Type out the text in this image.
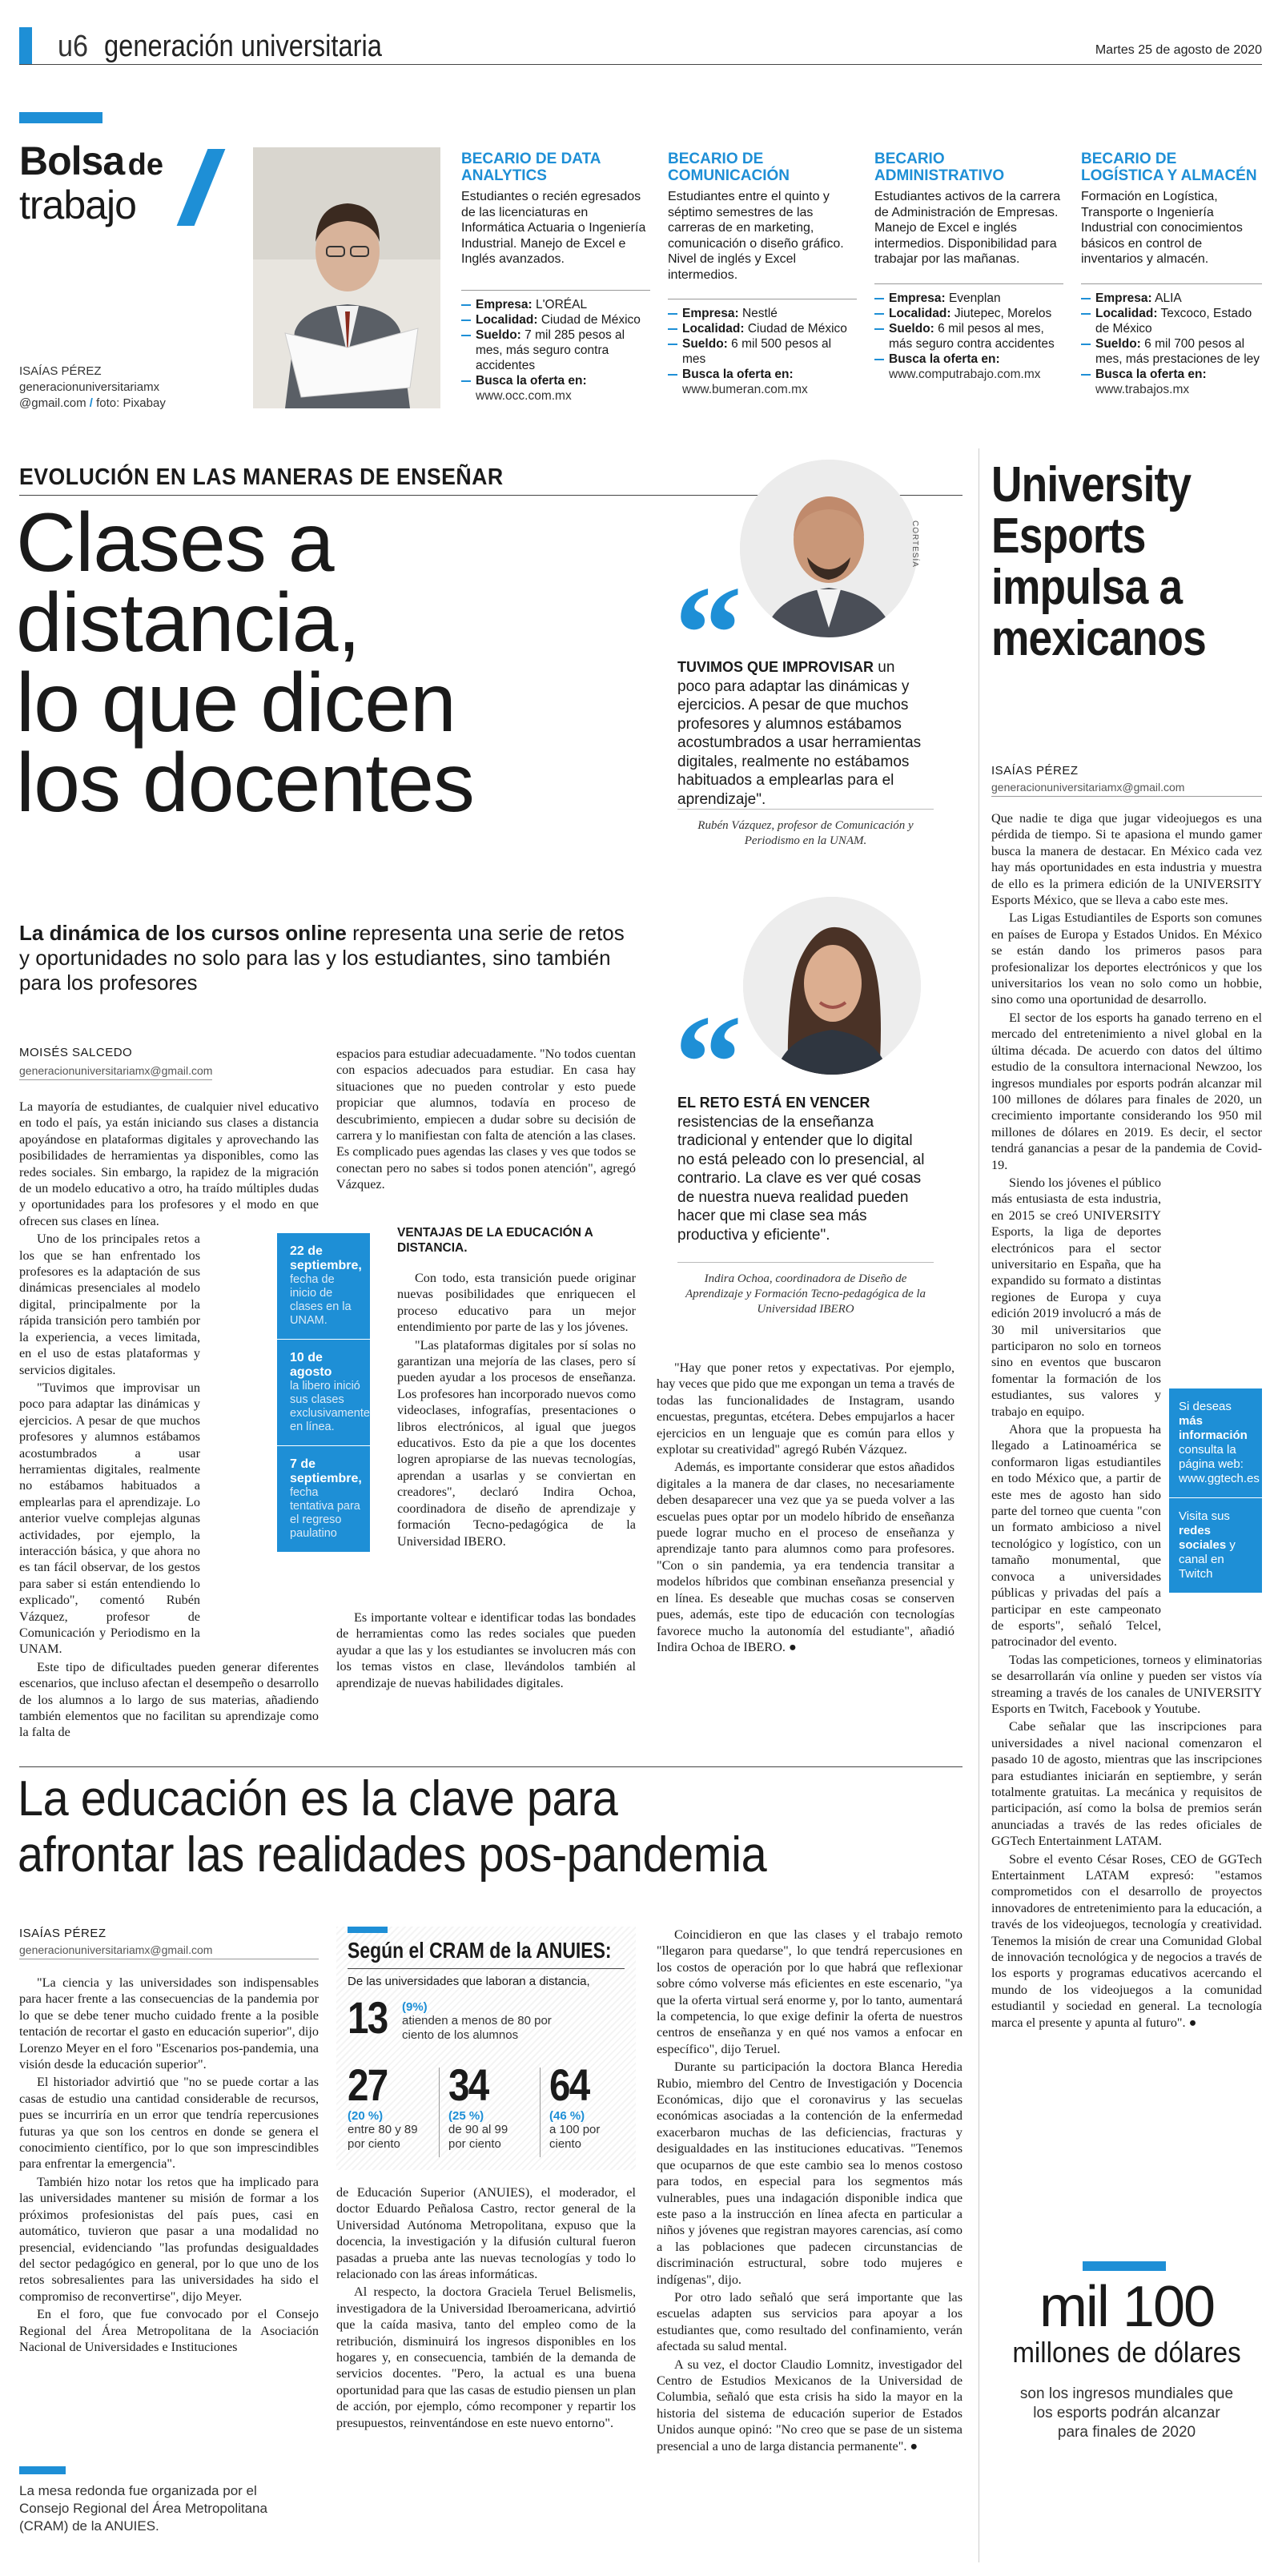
u6 generación universitaria	Martes 25 de agosto de 2020
Bolsa de
trabajo
ISAÍAS PÉREZ
generacionuniversitariamx
@gmail.com / foto: Pixabay
BECARIO DE DATA ANALYTICS
Estudiantes o recién egresados de las licenciaturas en Informática Actuaria o Ingeniería Industrial. Manejo de Excel e Inglés avanzados.
Empresa: L'ORÉAL
Localidad: Ciudad de México
Sueldo: 7 mil 285 pesos al mes, más seguro contra accidentes
Busca la oferta en:
www.occ.com.mx
BECARIO DE COMUNICACIÓN
Estudiantes entre el quinto y séptimo semestres de las carreras de en marketing, comunicación o diseño gráfico. Nivel de inglés y Excel intermedios.
Empresa: Nestlé
Localidad: Ciudad de México
Sueldo: 6 mil 500 pesos al mes
Busca la oferta en:
www.bumeran.com.mx
BECARIO ADMINISTRATIVO
Estudiantes activos de la carrera de Administración de Empresas. Manejo de Excel e inglés intermedios. Disponibilidad para trabajar por las mañanas.
Empresa: Evenplan
Localidad: Jiutepec, Morelos
Sueldo: 6 mil pesos al mes, más seguro contra accidentes
Busca la oferta en:
www.computrabajo.com.mx
BECARIO DE LOGÍSTICA Y ALMACÉN
Formación en Logística, Transporte o Ingeniería Industrial con conocimientos básicos en control de inventarios y almacén.
Empresa: ALIA
Localidad: Texcoco, Estado de México
Sueldo: 6 mil 700 pesos al mes, más prestaciones de ley
Busca la oferta en:
www.trabajos.mx
EVOLUCIÓN EN LAS MANERAS DE ENSEÑAR
Clases a
distancia,
lo que dicen
los docentes
La dinámica de los cursos online representa una serie de retos y oportunidades no solo para las y los estudiantes, sino también para los profesores
MOISÉS SALCEDO
generacionuniversitariamx@gmail.com

La mayoría de estudiantes, de cualquier nivel educativo en todo el país, ya están iniciando sus clases a distancia apoyándose en plataformas digitales y aprovechando las posibilidades de herramientas ya disponibles, como las redes sociales. Sin embargo, la rapidez de la migración de un modelo educativo a otro, ha traído múltiples dudas y oportunidades para los profesores y el modo en que ofrecen sus clases en línea.

Uno de los principales retos a los que se han enfrentado los profesores es la adaptación de sus dinámicas presenciales al modelo digital, principalmente por la rápida transición pero también por la experiencia, a veces limitada, en el uso de estas plataformas y servicios digitales.

"Tuvimos que improvisar un poco para adaptar las dinámicas y ejercicios. A pesar de que muchos profesores y alumnos estábamos acostumbrados a usar herramientas digitales, realmente no estábamos habituados a emplearlas para el aprendizaje. Lo anterior vuelve complejas algunas actividades, por ejemplo, la interacción básica, y que ahora no es tan fácil observar, de los gestos para saber si están entendiendo lo explicado", comentó Rubén Vázquez, profesor de Comunicación y Periodismo en la UNAM.

Este tipo de dificultades pueden generar diferentes escenarios, que incluso afectan el desempeño o desarrollo de los alumnos a lo largo de sus materias, añadiendo también elementos que no facilitan su aprendizaje como la falta de

22 de septiembre,
fecha de inicio de clases en la UNAM.
10 de agosto
la libero inició sus clases exclusivamente en línea.
7 de septiembre,
fecha tentativa para el regreso paulatino

espacios para estudiar adecuadamente. "No todos cuentan con espacios adecuados para estudiar. En casa hay situaciones que no pueden controlar y esto puede propiciar que alumnos, todavía en proceso de descubrimiento, empiecen a dudar sobre su decisión de carrera y lo manifiestan con falta de atención a las clases. Es complicado pues agendas las clases y ves que todos se conectan pero no sabes si todos ponen atención", agregó Vázquez.

VENTAJAS DE LA EDUCACIÓN A DISTANCIA.

Con todo, esta transición puede originar nuevas posibilidades que enriquecen el proceso educativo para un mejor entendimiento por parte de las y los jóvenes.

"Las plataformas digitales por sí solas no garantizan una mejoría de las clases, pero sí pueden ayudar a los procesos de enseñanza. Los profesores han incorporado nuevos como videoclases, infografías, presentaciones o libros electrónicos, al igual que juegos educativos. Esto da pie a que los docentes logren apropiarse de las nuevas tecnologías, aprendan a usarlas y se conviertan en creadores", declaró Indira Ochoa, coordinadora de diseño de aprendizaje y formación Tecno-pedagógica de la Universidad IBERO.

Es importante voltear e identificar todas las bondades de herramientas como las redes sociales que pueden ayudar a que las y los estudiantes se involucren más con los temas vistos en clase, llevándolos también al aprendizaje de nuevas habilidades digitales.

CORTESÍA
TUVIMOS QUE IMPROVISAR un poco para adaptar las dinámicas y ejercicios. A pesar de que muchos profesores y alumnos estábamos acostumbrados a usar herramientas digitales, realmente no estábamos habituados a emplearlas para el aprendizaje".
Rubén Vázquez, profesor de Comunicación y Periodismo en la UNAM.
EL RETO ESTÁ EN VENCER resistencias de la enseñanza tradicional y entender que lo digital no está peleado con lo presencial, al contrario. La clave es ver qué cosas de nuestra nueva realidad pueden hacer que mi clase sea más productiva y eficiente".
Indira Ochoa, coordinadora de Diseño de Aprendizaje y Formación Tecno-pedagógica de la Universidad IBERO

"Hay que poner retos y expectativas. Por ejemplo, hay veces que pido que me expongan un tema a través de todas las funcionalidades de Instagram, usando encuestas, preguntas, etcétera. Debes empujarlos a hacer ejercicios en un lenguaje que es común para ellos y explotar su creatividad" agregó Rubén Vázquez.

Además, es importante considerar que estos añadidos digitales a la manera de dar clases, no necesariamente deben desaparecer una vez que ya se pueda volver a las escuelas pues optar por un modelo híbrido de enseñanza puede lograr mucho en el proceso de enseñanza y aprendizaje tanto para alumnos como para profesores. "Con o sin pandemia, ya era tendencia transitar a modelos híbridos que combinan enseñanza presencial y en línea. Es deseable que muchas cosas se conserven pues, además, este tipo de educación con tecnologías favorece mucho la autonomía del estudiante", añadió Indira Ochoa de IBERO. ●

University
Esports
impulsa a
mexicanos
ISAÍAS PÉREZ
generacionuniversitariamx@gmail.com

Que nadie te diga que jugar videojuegos es una pérdida de tiempo. Si te apasiona el mundo gamer busca la manera de destacar. En México cada vez hay más oportunidades en esta industria y muestra de ello es la primera edición de la UNIVERSITY Esports México, que se lleva a cabo este mes.

Las Ligas Estudiantiles de Esports son comunes en países de Europa y Estados Unidos. En México se están dando los primeros pasos para profesionalizar los deportes electrónicos y que los universitarios los vean no solo como un hobbie, sino como una oportunidad de desarrollo.

El sector de los esports ha ganado terreno en el mercado del entretenimiento a nivel global en la última década. De acuerdo con datos del último estudio de la consultora internacional Newzoo, los ingresos mundiales por esports podrán alcanzar mil 100 millones de dólares para finales de 2020, un crecimiento importante considerando los 950 mil millones de dólares en 2019. Es decir, el sector tendrá ganancias a pesar de la pandemia de Covid-19.

Siendo los jóvenes el público más entusiasta de esta industria, en 2015 se creó UNIVERSITY Esports, la liga de deportes electrónicos para el sector universitario en España, que ha expandido su formato a distintas regiones de Europa y cuya edición 2019 involucró a más de 30 mil universitarios que participaron no solo en torneos sino en eventos que buscaron fomentar la formación de los estudiantes, sus valores y trabajo en equipo.

Ahora que la propuesta ha llegado a Latinoamérica se conformaron ligas estudiantiles en todo México que, a partir de este mes de agosto han sido parte del torneo que cuenta "con un formato ambicioso a nivel tecnológico y logístico, con un tamaño monumental, que convoca a universidades públicas y privadas del país a participar en este campeonato de esports", señaló Telcel, patrocinador del evento.

Todas las competiciones, torneos y eliminatorias se desarrollarán vía online y pueden ser vistos vía streaming a través de los canales de UNIVERSITY Esports en Twitch, Facebook y Youtube.

Cabe señalar que las inscripciones para universidades a nivel nacional comenzaron el pasado 10 de agosto, mientras que las inscripciones para estudiantes iniciarán en septiembre, y serán totalmente gratuitas. La mecánica y requisitos de participación, así como la bolsa de premios serán anunciadas a través de las redes oficiales de GGTech Entertainment LATAM.

Sobre el evento César Roses, CEO de GGTech Entertainment LATAM expresó: "estamos comprometidos con el desarrollo de proyectos innovadores de entretenimiento para la educación, a través de los videojuegos, tecnología y creatividad. Tenemos la misión de crear una Comunidad Global de innovación tecnológica y de negocios a través de los esports y programas educativos acercando el mundo de los videojuegos a la comunidad estudiantil y sociedad en general. La tecnología marca el presente y apunta al futuro". ●

Si deseas más información consulta la página web: www.ggtech.es
Visita sus redes sociales y canal en Twitch
mil 100
millones de dólares
son los ingresos mundiales que los esports podrán alcanzar para finales de 2020
La educación es la clave para
afrontar las realidades pos-pandemia
ISAÍAS PÉREZ
generacionuniversitariamx@gmail.com

"La ciencia y las universidades son indispensables para hacer frente a las consecuencias de la pandemia por lo que se debe tener mucho cuidado frente a la posible tentación de recortar el gasto en educación superior", dijo Lorenzo Meyer en el foro "Escenarios pos-pandemia, una visión desde la educación superior".

El historiador advirtió que "no se puede cortar a las casas de estudio una cantidad considerable de recursos, pues se incurriría en un error que tendría repercusiones futuras ya que son los centros en donde se genera el conocimiento científico, por lo que son imprescindibles para enfrentar la emergencia".

También hizo notar los retos que ha implicado para las universidades mantener su misión de formar a los próximos profesionistas del país pues, casi en automático, tuvieron que pasar a una modalidad no presencial, evidenciando "las profundas desigualdades del sector pedagógico en general, por lo que uno de los retos sobresalientes para las universidades ha sido el compromiso de reconvertirse", dijo Meyer.

En el foro, que fue convocado por el Consejo Regional del Área Metropolitana de la Asociación Nacional de Universidades e Instituciones

La mesa redonda fue organizada por el Consejo Regional del Área Metropolitana (CRAM) de la ANUIES.
Según el CRAM de la ANUIES:
De las universidades que laboran a distancia,
13 (9%)
atienden a menos de 80 por ciento de los alumnos
27
(20 %)
entre 80 y 89 por ciento
34
(25 %)
de 90 al 99 por ciento
64
(46 %)
a 100 por ciento

de Educación Superior (ANUIES), el moderador, el doctor Eduardo Peñalosa Castro, rector general de la Universidad Autónoma Metropolitana, expuso que la docencia, la investigación y la difusión cultural fueron pasadas a prueba ante las nuevas tecnologías y todo lo relacionado con las áreas informáticas.

Al respecto, la doctora Graciela Teruel Belismelis, investigadora de la Universidad Iberoamericana, advirtió que la caída masiva, tanto del empleo como de la retribución, disminuirá los ingresos disponibles en los hogares y, en consecuencia, también de la demanda de servicios docentes. "Pero, la actual es una buena oportunidad para que las casas de estudio piensen un plan de acción, por ejemplo, cómo recomponer y repartir los presupuestos, reinventándose en este nuevo entorno".

Coincidieron en que las clases y el trabajo remoto "llegaron para quedarse", lo que tendrá repercusiones en los costos de operación por lo que habrá que reflexionar sobre cómo volverse más eficientes en este escenario, "ya que la oferta virtual será enorme y, por lo tanto, aumentará la competencia, lo que exige definir la oferta de nuestros centros de enseñanza y en qué nos vamos a enfocar en específico", dijo Teruel.

Durante su participación la doctora Blanca Heredia Rubio, miembro del Centro de Investigación y Docencia Económicas, dijo que el coronavirus y las secuelas económicas asociadas a la contención de la enfermedad exacerbaron muchas de las deficiencias, fracturas y desigualdades en las instituciones educativas. "Tenemos que ocuparnos de que este cambio sea lo menos costoso para todos, en especial para los segmentos más vulnerables, pues una indagación disponible indica que este paso a la instrucción en línea afecta en particular a niños y jóvenes que registran mayores carencias, así como a las poblaciones que padecen circunstancias de discriminación estructural, sobre todo mujeres e indígenas", dijo.

Por otro lado señaló que será importante que las escuelas adapten sus servicios para apoyar a los estudiantes que, como resultado del confinamiento, verán afectada su salud mental.

A su vez, el doctor Claudio Lomnitz, investigador del Centro de Estudios Mexicanos de la Universidad de Columbia, señaló que esta crisis ha sido la mayor en la historia del sistema de educación superior de Estados Unidos aunque opinó: "No creo que se pase de un sistema presencial a uno de larga distancia permanente". ●
